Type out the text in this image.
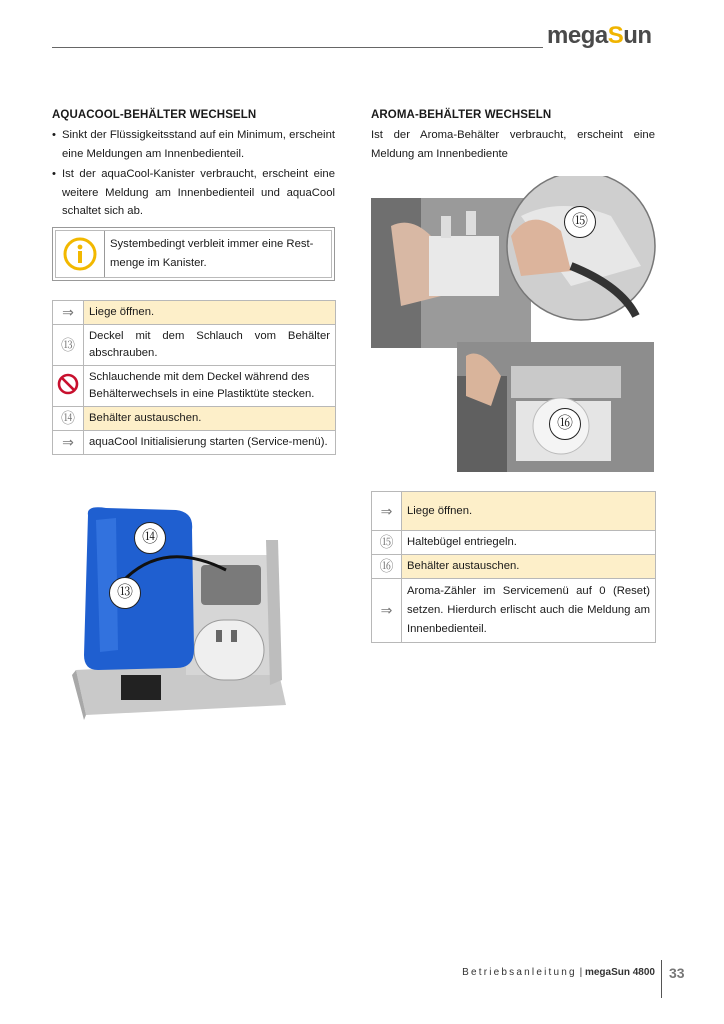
megaSun
AQUACOOL-BEHÄLTER WECHSELN
• Sinkt der Flüssigkeitsstand auf ein Minimum, erscheint eine Meldungen am Innenbedienteil.
• Ist der aquaCool-Kanister verbraucht, erscheint eine weitere Meldung am Innenbedienteil und aquaCool schaltet sich ab.
Systembedingt verbleit immer eine Rest-menge im Kanister.
⇒	Liege öffnen.
⑬	Deckel mit dem Schlauch vom Behälter abschrauben.
	Schlauchende mit dem Deckel während des Behälterwechsels in eine Plastiktüte stecken.
⑭	Behälter austauschen.
⇒	aquaCool Initialisierung starten (Service-menü).
⑭
⑬
AROMA-BEHÄLTER WECHSELN
Ist der Aroma-Behälter verbraucht, erscheint eine Meldung am Innenbediente
⑮
⑯
⇒	Liege öffnen.
⑮	Haltebügel entriegeln.
⑯	Behälter austauschen.
⇒	Aroma-Zähler im Servicemenü auf 0 (Reset) setzen. Hierdurch erlischt auch die Meldung am Innenbedienteil.
Betriebsanleitung | megaSun 4800 33
